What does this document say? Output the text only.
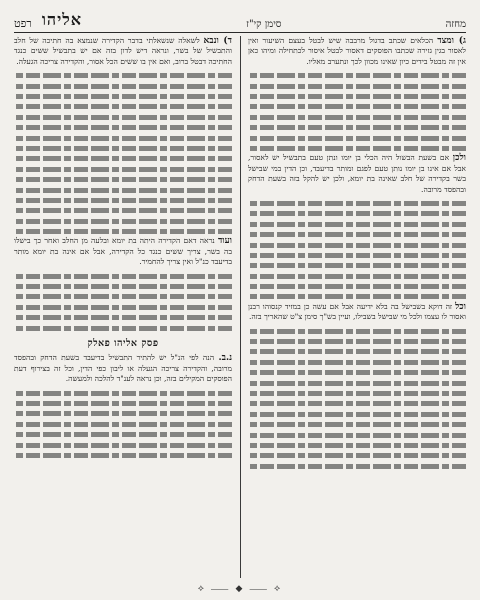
מחזה
סימן קי"ז
אליהו
רפט

ג) ומצד הכלאים שכתב בדגול מרבבה שיש לבטל בעצם השיעור ואין לאסור בגין גזירה שכתבו הפוסקים דאסור לבטל איסור לכתחילה ומיהו כאן אין זה מבטל בידים כיון שאינו מכוון לכך ונתערב מאליו.

ולכן אם בשעת הבשול היה הכלי בן יומו ונתן טעם בתבשיל יש לאסור, אבל אם אינו בן יומו נותן טעם לפגם ומותר בדיעבד, וכן הדין במי שבישל בשר בקדירה של חלב שאינה בת יומא, ולכן יש להקל בזה בשעת הדחק ובהפסד מרובה.

וכל זה דוקא בשבישל בה בלא ידיעה אבל אם עשה כן במזיד קנסוהו רבנן ואסור לו עצמו ולכל מי שבישל בשבילו, ועיין בש"ך סימן צ"ט שהאריך בזה.

ד) ונבא לשאלה שנשאלתי בדבר הקדירה שנמצא בה חתיכה של חלב והתבשיל של בשר, ונראה דיש לדון בזה אם יש בתבשיל ששים כנגד החתיכה דבטל ברוב, ואם אין בו ששים הכל אסור, והקדירה צריכה הגעלה.

ועוד נראה דאם הקדירה היתה בת יומא ובלעה מן החלב ואחר כך בישלו בה בשר, צריך ששים כנגד כל הקדירה, אבל אם אינה בת יומא מותר בדיעבד כנ"ל ואין צריך להחמיר.

פסק אליהו פאלק

נ.ב. הנה לפי הנ"ל יש להתיר התבשיל בדיעבד בשעת הדחק ובהפסד מרובה, והקדירה צריכה הגעלה או ליבון כפי הדין, וכל זה בצירוף דעת הפוסקים המקילים בזה, וכן נראה לענ"ד להלכה ולמעשה.

⟡ ⸺ ◆ ⸺ ⟡
